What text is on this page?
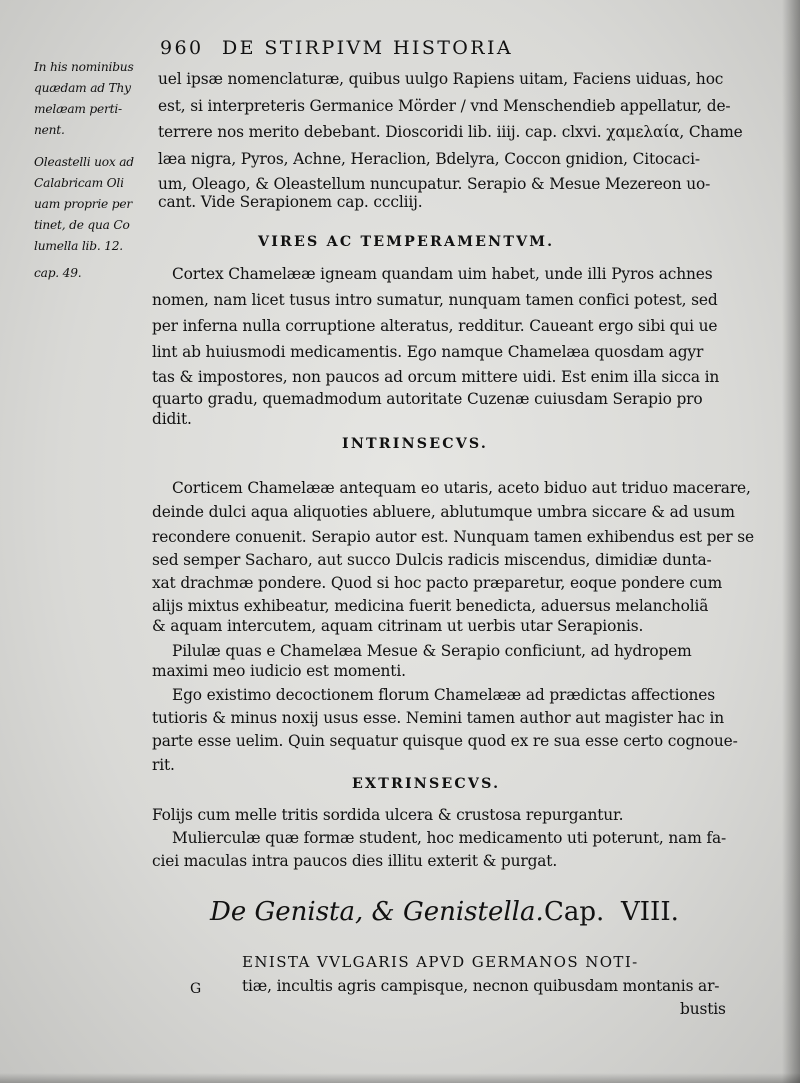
960 DE STIRPIVM HISTORIA
In his nominibus
quædam ad Thy
melæam perti-
nent.
Oleastelli uox ad
Calabricam Oli
uam proprie per
tinet, de qua Co
lumella lib. 12.
cap. 49.
uel ipsæ nomenclaturæ, quibus uulgo Rapiens uitam, Faciens uiduas, hoc
est, si interpreteris Germanice Mörder / vnd Menschendieb appellatur, de-
terrere nos merito debebant. Dioscoridi lib. iiij. cap. clxvi. χαμελαία, Chame
læa nigra, Pyros, Achne, Heraclion, Bdelyra, Coccon gnidion, Citocaci-
um, Oleago, & Oleastellum nuncupatur. Serapio & Mesue Mezereon uo-
cant. Vide Serapionem cap. cccliij.
VIRES AC TEMPERAMENTVM.
Cortex Chamelææ igneam quandam uim habet, unde illi Pyros achnes
nomen, nam licet tusus intro sumatur, nunquam tamen confici potest, sed
per inferna nulla corruptione alteratus, redditur. Caueant ergo sibi qui ue
lint ab huiusmodi medicamentis. Ego namque Chamelæa quosdam agyr
tas & impostores, non paucos ad orcum mittere uidi. Est enim illa sicca in
quarto gradu, quemadmodum autoritate Cuzenæ cuiusdam Serapio pro
didit.
INTRINSECVS.
Corticem Chamelææ antequam eo utaris, aceto biduo aut triduo macerare,
deinde dulci aqua aliquoties abluere, ablutumque umbra siccare & ad usum
recondere conuenit. Serapio autor est. Nunquam tamen exhibendus est per se
sed semper Sacharo, aut succo Dulcis radicis miscendus, dimidiæ dunta-
xat drachmæ pondere. Quod si hoc pacto præparetur, eoque pondere cum
alijs mixtus exhibeatur, medicina fuerit benedicta, aduersus melancholiã
& aquam intercutem, aquam citrinam ut uerbis utar Serapionis.
Pilulæ quas e Chamelæa Mesue & Serapio conficiunt, ad hydropem
maximi meo iudicio est momenti.
Ego existimo decoctionem florum Chamelææ ad prædictas affectiones
tutioris & minus noxij usus esse. Nemini tamen author aut magister hac in
parte esse uelim. Quin sequatur quisque quod ex re sua esse certo cognoue-
rit.
EXTRINSECVS.
Folijs cum melle tritis sordida ulcera & crustosa repurgantur.
Mulierculæ quæ formæ student, hoc medicamento uti poterunt, nam fa-
ciei maculas intra paucos dies illitu exterit & purgat.
De Genista, & Genistella. Cap. VIII.
ENISTA VVLGARIS APVD GERMANOS NOTI-
tiæ, incultis agris campisque, necnon quibusdam montanis ar-
bustis
G
